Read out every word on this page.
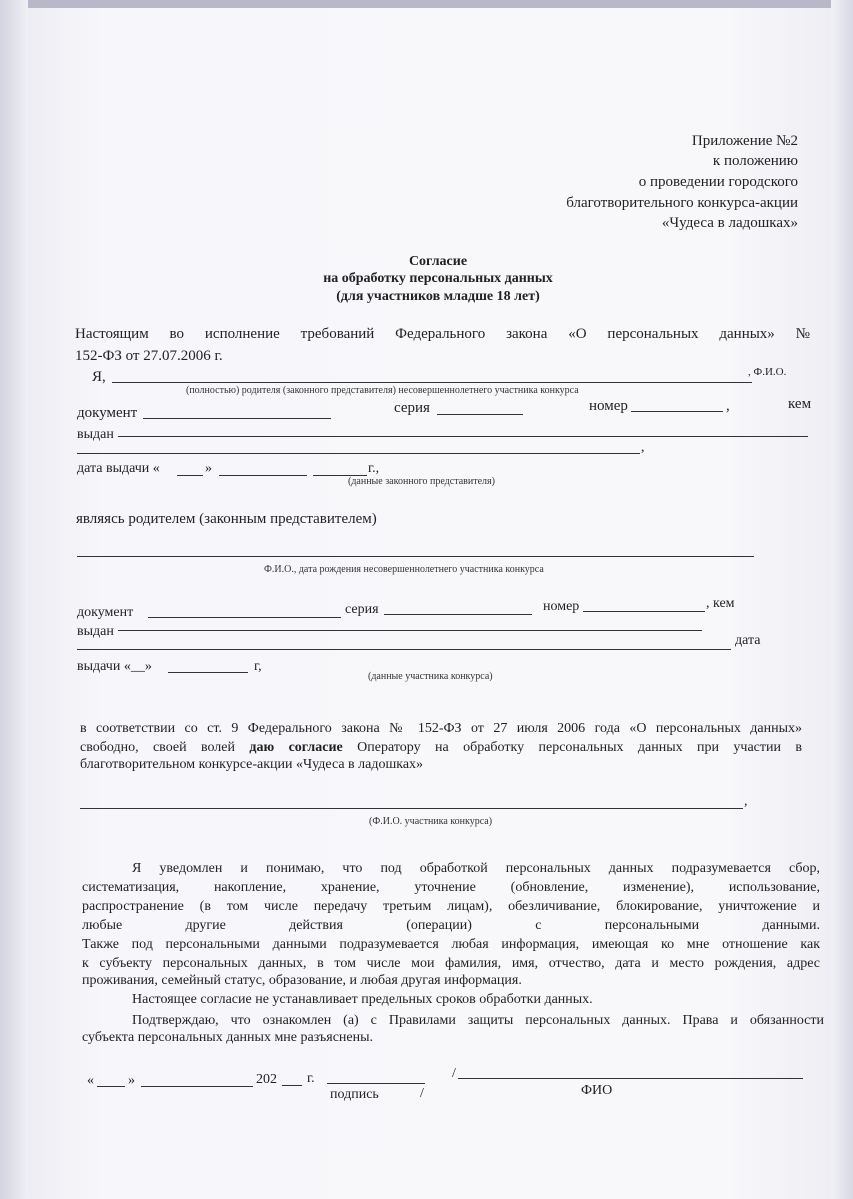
Приложение №2
к положению
о проведении городского
благотворительного конкурса-акции
«Чудеса в ладошках»
Согласие
на обработку персональных данных
(для участников младше 18 лет)
Настоящим во исполнение требований Федерального закона «О персональных данных» №
152-ФЗ от 27.07.2006 г.
Я,	, Ф.И.О.
(полностью) родителя (законного представителя) несовершеннолетнего участника конкурса
документ	серия	номер	,	кем
выдан
,
дата выдачи «	»	г.,
(данные законного представителя)
являясь родителем (законным представителем)
Ф.И.О., дата рождения несовершеннолетнего участника конкурса
документ	серия	номер	, кем
выдан
дата
выдачи «__»	г,
(данные участника конкурса)
в соответствии со ст. 9 Федерального закона № 152-ФЗ от 27 июля 2006 года «О персональных данных»
свободно, своей волей даю согласие Оператору на обработку персональных данных при участии в
благотворительном конкурсе-акции «Чудеса в ладошках»
,
(Ф.И.О. участника конкурса)
Я уведомлен и понимаю, что под обработкой персональных данных подразумевается сбор,
систематизация, накопление, хранение, уточнение (обновление, изменение), использование,
распространение (в том числе передачу третьим лицам), обезличивание, блокирование, уничтожение и
любые другие действия (операции) с персональными данными.
Также под персональными данными подразумевается любая информация, имеющая ко мне отношение как
к субъекту персональных данных, в том числе мои фамилия, имя, отчество, дата и место рождения, адрес
проживания, семейный статус, образование, и любая другая информация.
Настоящее согласие не устанавливает предельных сроков обработки данных.
Подтверждаю, что ознакомлен (а) с Правилами защиты персональных данных. Права и обязанности
субъекта персональных данных мне разъяснены.
« »	202 г.	/
подпись	/	ФИО
